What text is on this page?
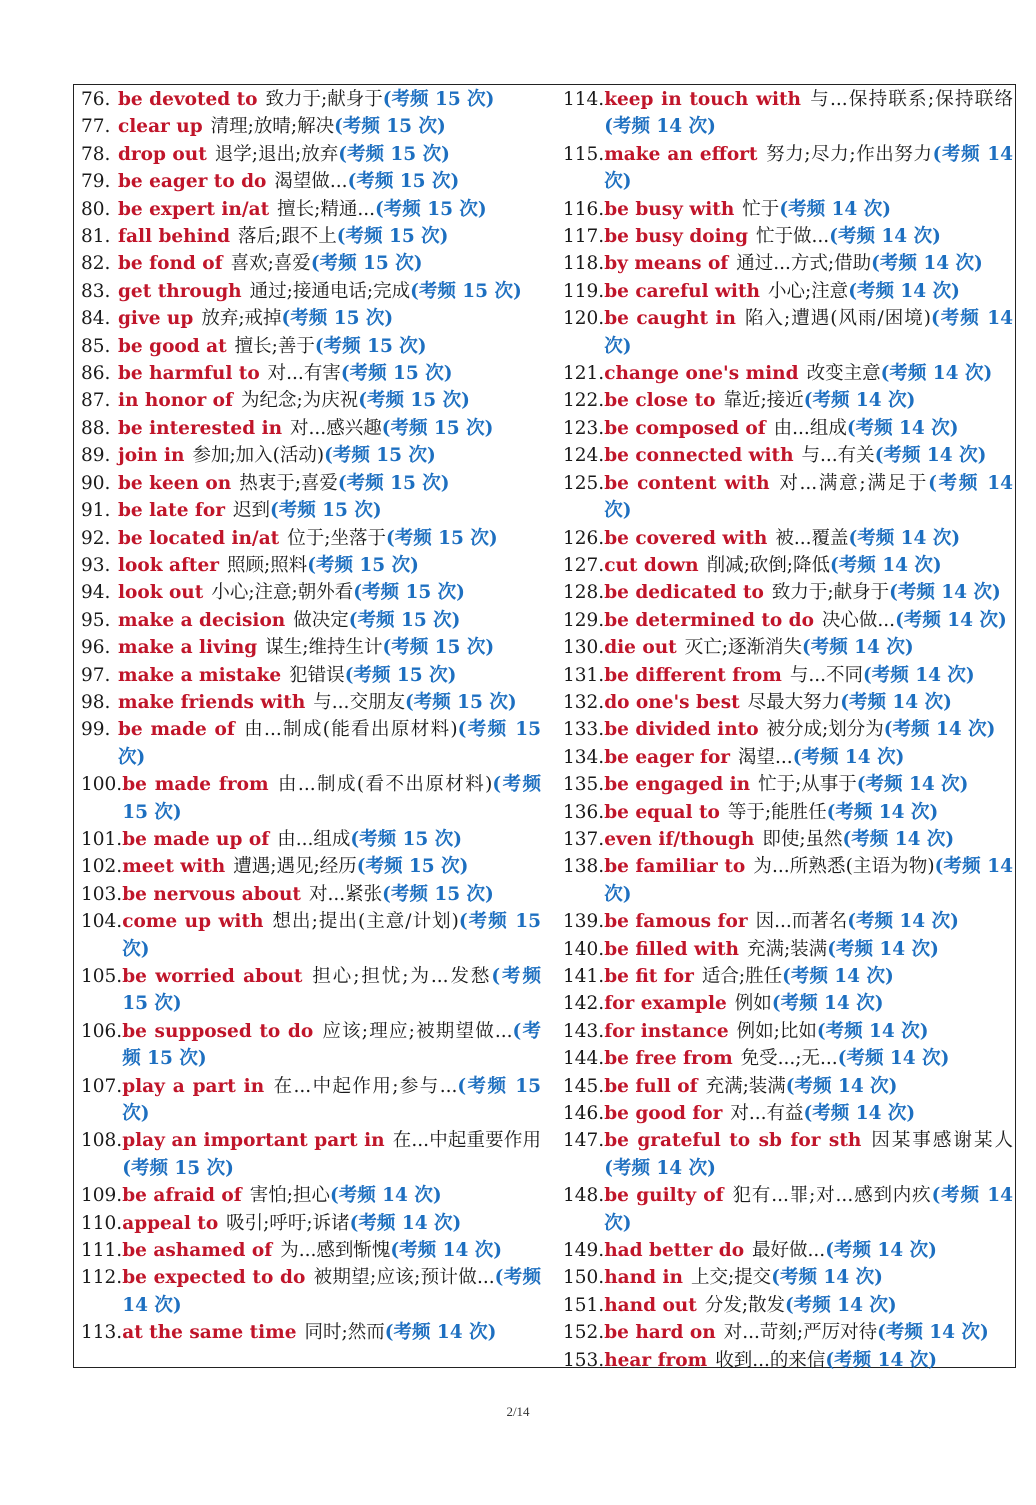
76. be devoted to 致力于;献身于(考频 15 次)
77. clear up 清理;放晴;解决(考频 15 次)
78. drop out 退学;退出;放弃(考频 15 次)
79. be eager to do 渴望做...(考频 15 次)
80. be expert in/at 擅长;精通...(考频 15 次)
81. fall behind 落后;跟不上(考频 15 次)
82. be fond of 喜欢;喜爱(考频 15 次)
83. get through 通过;接通电话;完成(考频 15 次)
84. give up 放弃;戒掉(考频 15 次)
85. be good at 擅长;善于(考频 15 次)
86. be harmful to 对...有害(考频 15 次)
87. in honor of 为纪念;为庆祝(考频 15 次)
88. be interested in 对...感兴趣(考频 15 次)
89. join in 参加;加入(活动)(考频 15 次)
90. be keen on 热衷于;喜爱(考频 15 次)
91. be late for 迟到(考频 15 次)
92. be located in/at 位于;坐落于(考频 15 次)
93. look after 照顾;照料(考频 15 次)
94. look out 小心;注意;朝外看(考频 15 次)
95. make a decision 做决定(考频 15 次)
96. make a living 谋生;维持生计(考频 15 次)
97. make a mistake 犯错误(考频 15 次)
98. make friends with 与...交朋友(考频 15 次)
99. be made of 由...制成(能看出原材料)(考频 15 次)
100. be made from 由...制成(看不出原材料)(考频 15 次)
101. be made up of 由...组成(考频 15 次)
102. meet with 遭遇;遇见;经历(考频 15 次)
103. be nervous about 对...紧张(考频 15 次)
104. come up with 想出;提出(主意/计划)(考频 15 次)
105. be worried about 担心;担忧;为...发愁(考频 15 次)
106. be supposed to do 应该;理应;被期望做...(考频 15 次)
107. play a part in 在...中起作用;参与...(考频 15 次)
108. play an important part in 在...中起重要作用(考频 15 次)
109. be afraid of 害怕;担心(考频 14 次)
110. appeal to 吸引;呼吁;诉诸(考频 14 次)
111. be ashamed of 为...感到惭愧(考频 14 次)
112. be expected to do 被期望;应该;预计做...(考频 14 次)
113. at the same time 同时;然而(考频 14 次)
114. keep in touch with 与...保持联系;保持联络(考频 14 次)
115. make an effort 努力;尽力;作出努力(考频 14 次)
116. be busy with 忙于(考频 14 次)
117. be busy doing 忙于做...(考频 14 次)
118. by means of 通过...方式;借助(考频 14 次)
119. be careful with 小心;注意(考频 14 次)
120. be caught in 陷入;遭遇(风雨/困境)(考频 14 次)
121. change one's mind 改变主意(考频 14 次)
122. be close to 靠近;接近(考频 14 次)
123. be composed of 由...组成(考频 14 次)
124. be connected with 与...有关(考频 14 次)
125. be content with 对...满意;满足于(考频 14 次)
126. be covered with 被...覆盖(考频 14 次)
127. cut down 削减;砍倒;降低(考频 14 次)
128. be dedicated to 致力于;献身于(考频 14 次)
129. be determined to do 决心做...(考频 14 次)
130. die out 灭亡;逐渐消失(考频 14 次)
131. be different from 与...不同(考频 14 次)
132. do one's best 尽最大努力(考频 14 次)
133. be divided into 被分成;划分为(考频 14 次)
134. be eager for 渴望...(考频 14 次)
135. be engaged in 忙于;从事于(考频 14 次)
136. be equal to 等于;能胜任(考频 14 次)
137. even if/though 即使;虽然(考频 14 次)
138. be familiar to 为...所熟悉(主语为物)(考频 14 次)
139. be famous for 因...而著名(考频 14 次)
140. be filled with 充满;装满(考频 14 次)
141. be fit for 适合;胜任(考频 14 次)
142. for example 例如(考频 14 次)
143. for instance 例如;比如(考频 14 次)
144. be free from 免受...;无...(考频 14 次)
145. be full of 充满;装满(考频 14 次)
146. be good for 对...有益(考频 14 次)
147. be grateful to sb for sth 因某事感谢某人(考频 14 次)
148. be guilty of 犯有...罪;对...感到内疚(考频 14 次)
149. had better do 最好做...(考频 14 次)
150. hand in 上交;提交(考频 14 次)
151. hand out 分发;散发(考频 14 次)
152. be hard on 对...苛刻;严厉对待(考频 14 次)
153. hear from 收到...的来信(考频 14 次)
2/14
